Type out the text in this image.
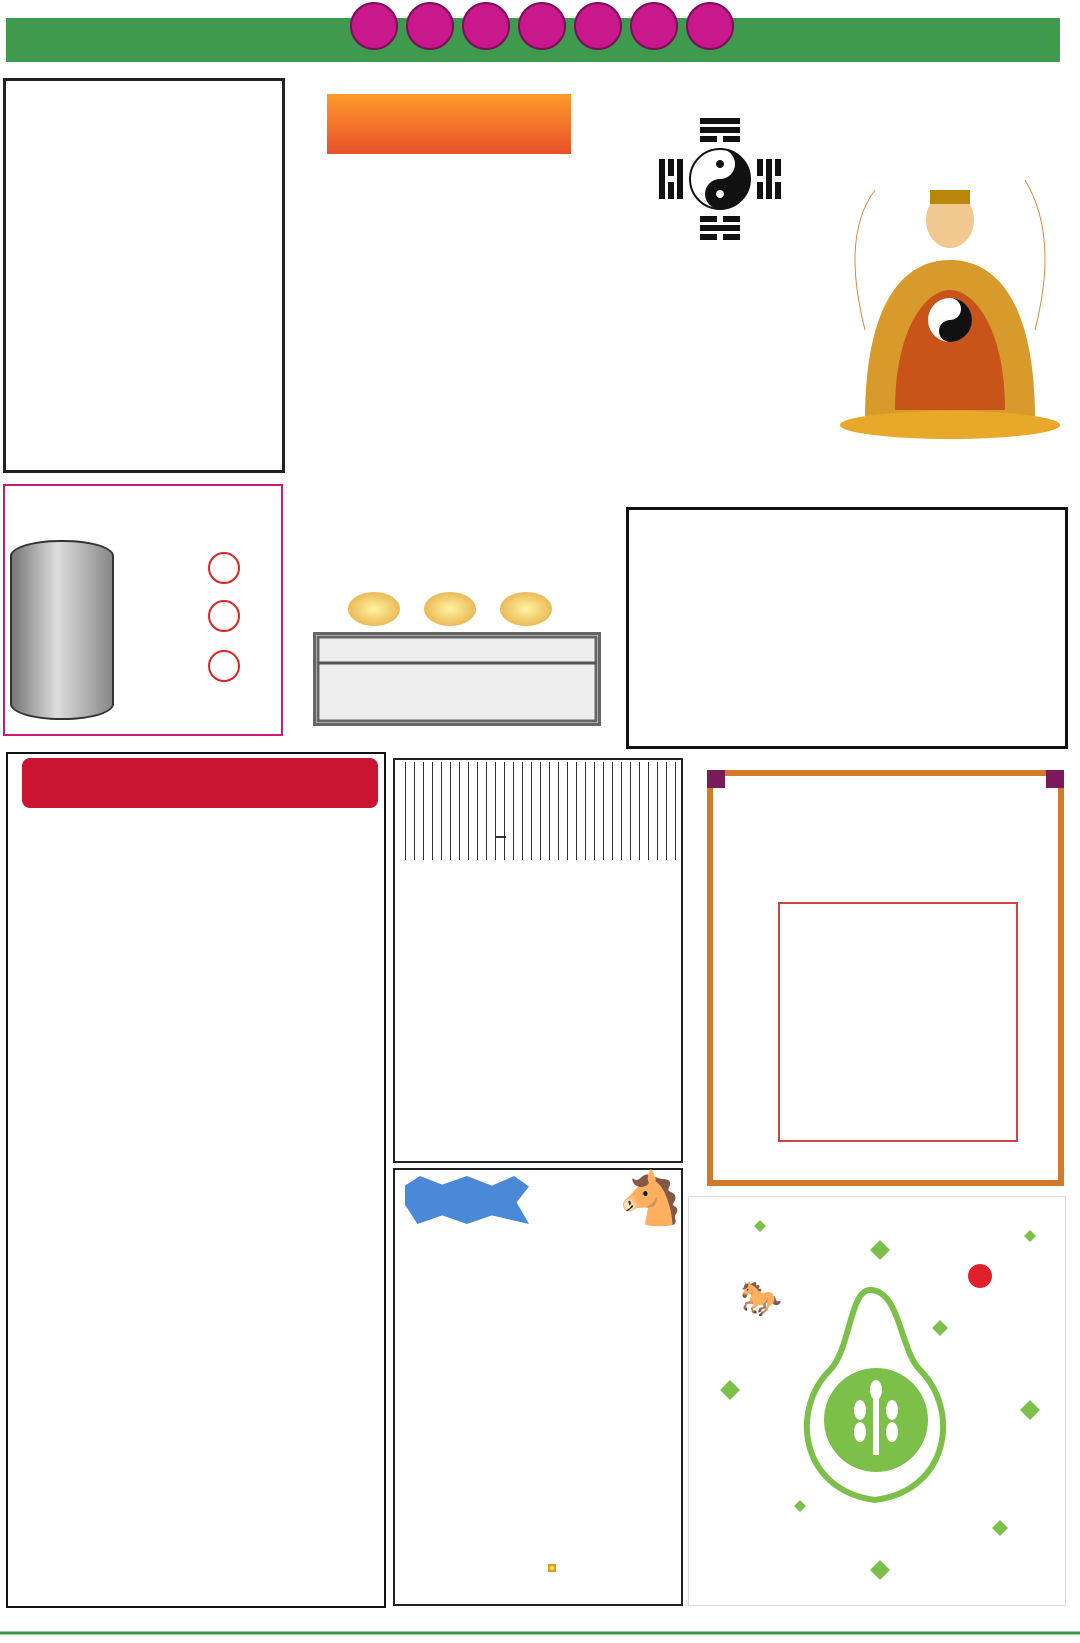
🐴
🐎
